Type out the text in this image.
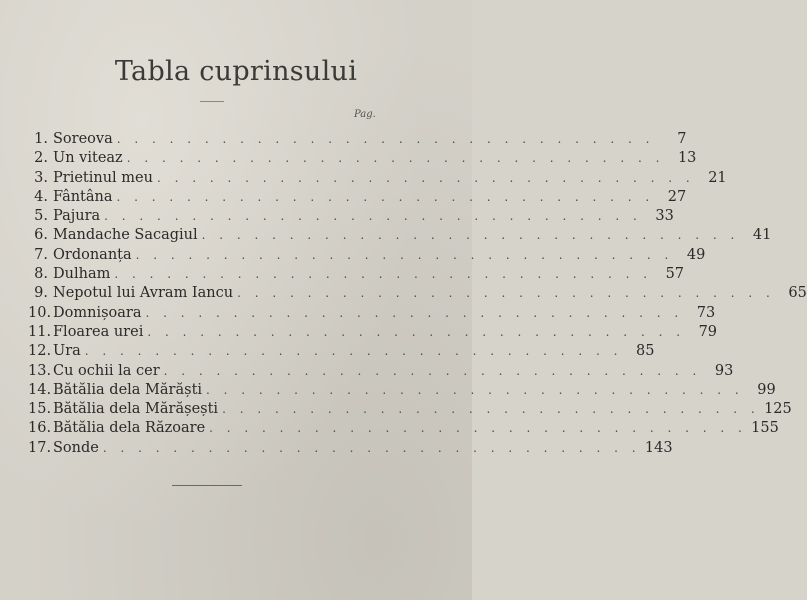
Tabla cuprinsului
Pag.
1. Soreova . . . . . . . . . . . . . . . . . . . . . . . . . . . . . . .	7
2. Un viteaz . . . . . . . . . . . . . . . . . . . . . . . . . . . . . . . 13
3. Prietinul meu . . . . . . . . . . . . . . . . . . . . . . . . . . . . . . . 21
4. Fântâna . . . . . . . . . . . . . . . . . . . . . . . . . . . . . . . 27
5. Pajura . . . . . . . . . . . . . . . . . . . . . . . . . . . . . . . 33
6. Mandache Sacagiul . . . . . . . . . . . . . . . . . . . . . . . . . . . . . . . 41
7. Ordonanța . . . . . . . . . . . . . . . . . . . . . . . . . . . . . . . 49
8. Dulham . . . . . . . . . . . . . . . . . . . . . . . . . . . . . . . 57
9. Nepotul lui Avram Iancu . . . . . . . . . . . . . . . . . . . . . . . . . . . . . . . 65
10. Domnișoara . . . . . . . . . . . . . . . . . . . . . . . . . . . . . . . 73
11. Floarea urei . . . . . . . . . . . . . . . . . . . . . . . . . . . . . . . 79
12. Ura . . . . . . . . . . . . . . . . . . . . . . . . . . . . . . . 85
13. Cu ochii la cer . . . . . . . . . . . . . . . . . . . . . . . . . . . . . . . 93
14. Bătălia dela Mărăști . . . . . . . . . . . . . . . . . . . . . . . . . . . . . . . 99
15. Bătălia dela Mărășești . . . . . . . . . . . . . . . . . . . . . . . . . . . . . . . 125
16. Bătălia dela Răzoare . . . . . . . . . . . . . . . . . . . . . . . . . . . . . . . 155
17. Sonde . . . . . . . . . . . . . . . . . . . . . . . . . . . . . . . 143
